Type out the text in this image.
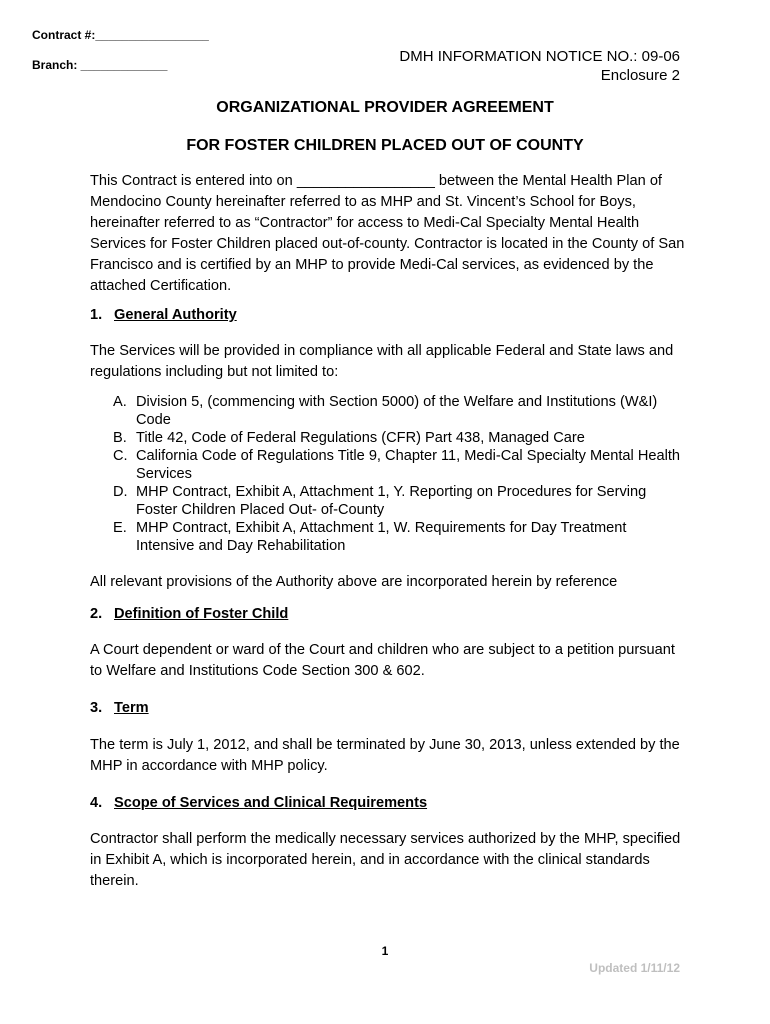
Contract #:_________________
Branch: _____________	DMH INFORMATION NOTICE NO.: 09-06
Enclosure 2
ORGANIZATIONAL PROVIDER AGREEMENT
FOR FOSTER CHILDREN PLACED OUT OF COUNTY
This Contract is entered into on _________________ between the Mental Health Plan of Mendocino County hereinafter referred to as MHP and St. Vincent’s School for Boys, hereinafter referred to as “Contractor” for access to Medi-Cal Specialty Mental Health Services for Foster Children placed out-of-county. Contractor is located in the County of San Francisco and is certified by an MHP to provide Medi-Cal services, as evidenced by the attached Certification.
1. General Authority
The Services will be provided in compliance with all applicable Federal and State laws and regulations including but not limited to:
A. Division 5, (commencing with Section 5000) of the Welfare and Institutions (W&I) Code
B. Title 42, Code of Federal Regulations (CFR) Part 438, Managed Care
C. California Code of Regulations Title 9, Chapter 11, Medi-Cal Specialty Mental Health Services
D. MHP Contract, Exhibit A, Attachment 1, Y. Reporting on Procedures for Serving Foster Children Placed Out- of-County
E. MHP Contract, Exhibit A, Attachment 1, W. Requirements for Day Treatment Intensive and Day Rehabilitation
All relevant provisions of the Authority above are incorporated herein by reference
2. Definition of Foster Child
A Court dependent or ward of the Court and children who are subject to a petition pursuant to Welfare and Institutions Code Section 300 & 602.
3. Term
The term is July 1, 2012, and shall be terminated by June 30, 2013, unless extended by the MHP in accordance with MHP policy.
4. Scope of Services and Clinical Requirements
Contractor shall perform the medically necessary services authorized by the MHP, specified in Exhibit A, which is incorporated herein, and in accordance with the clinical standards therein.
1
Updated 1/11/12
